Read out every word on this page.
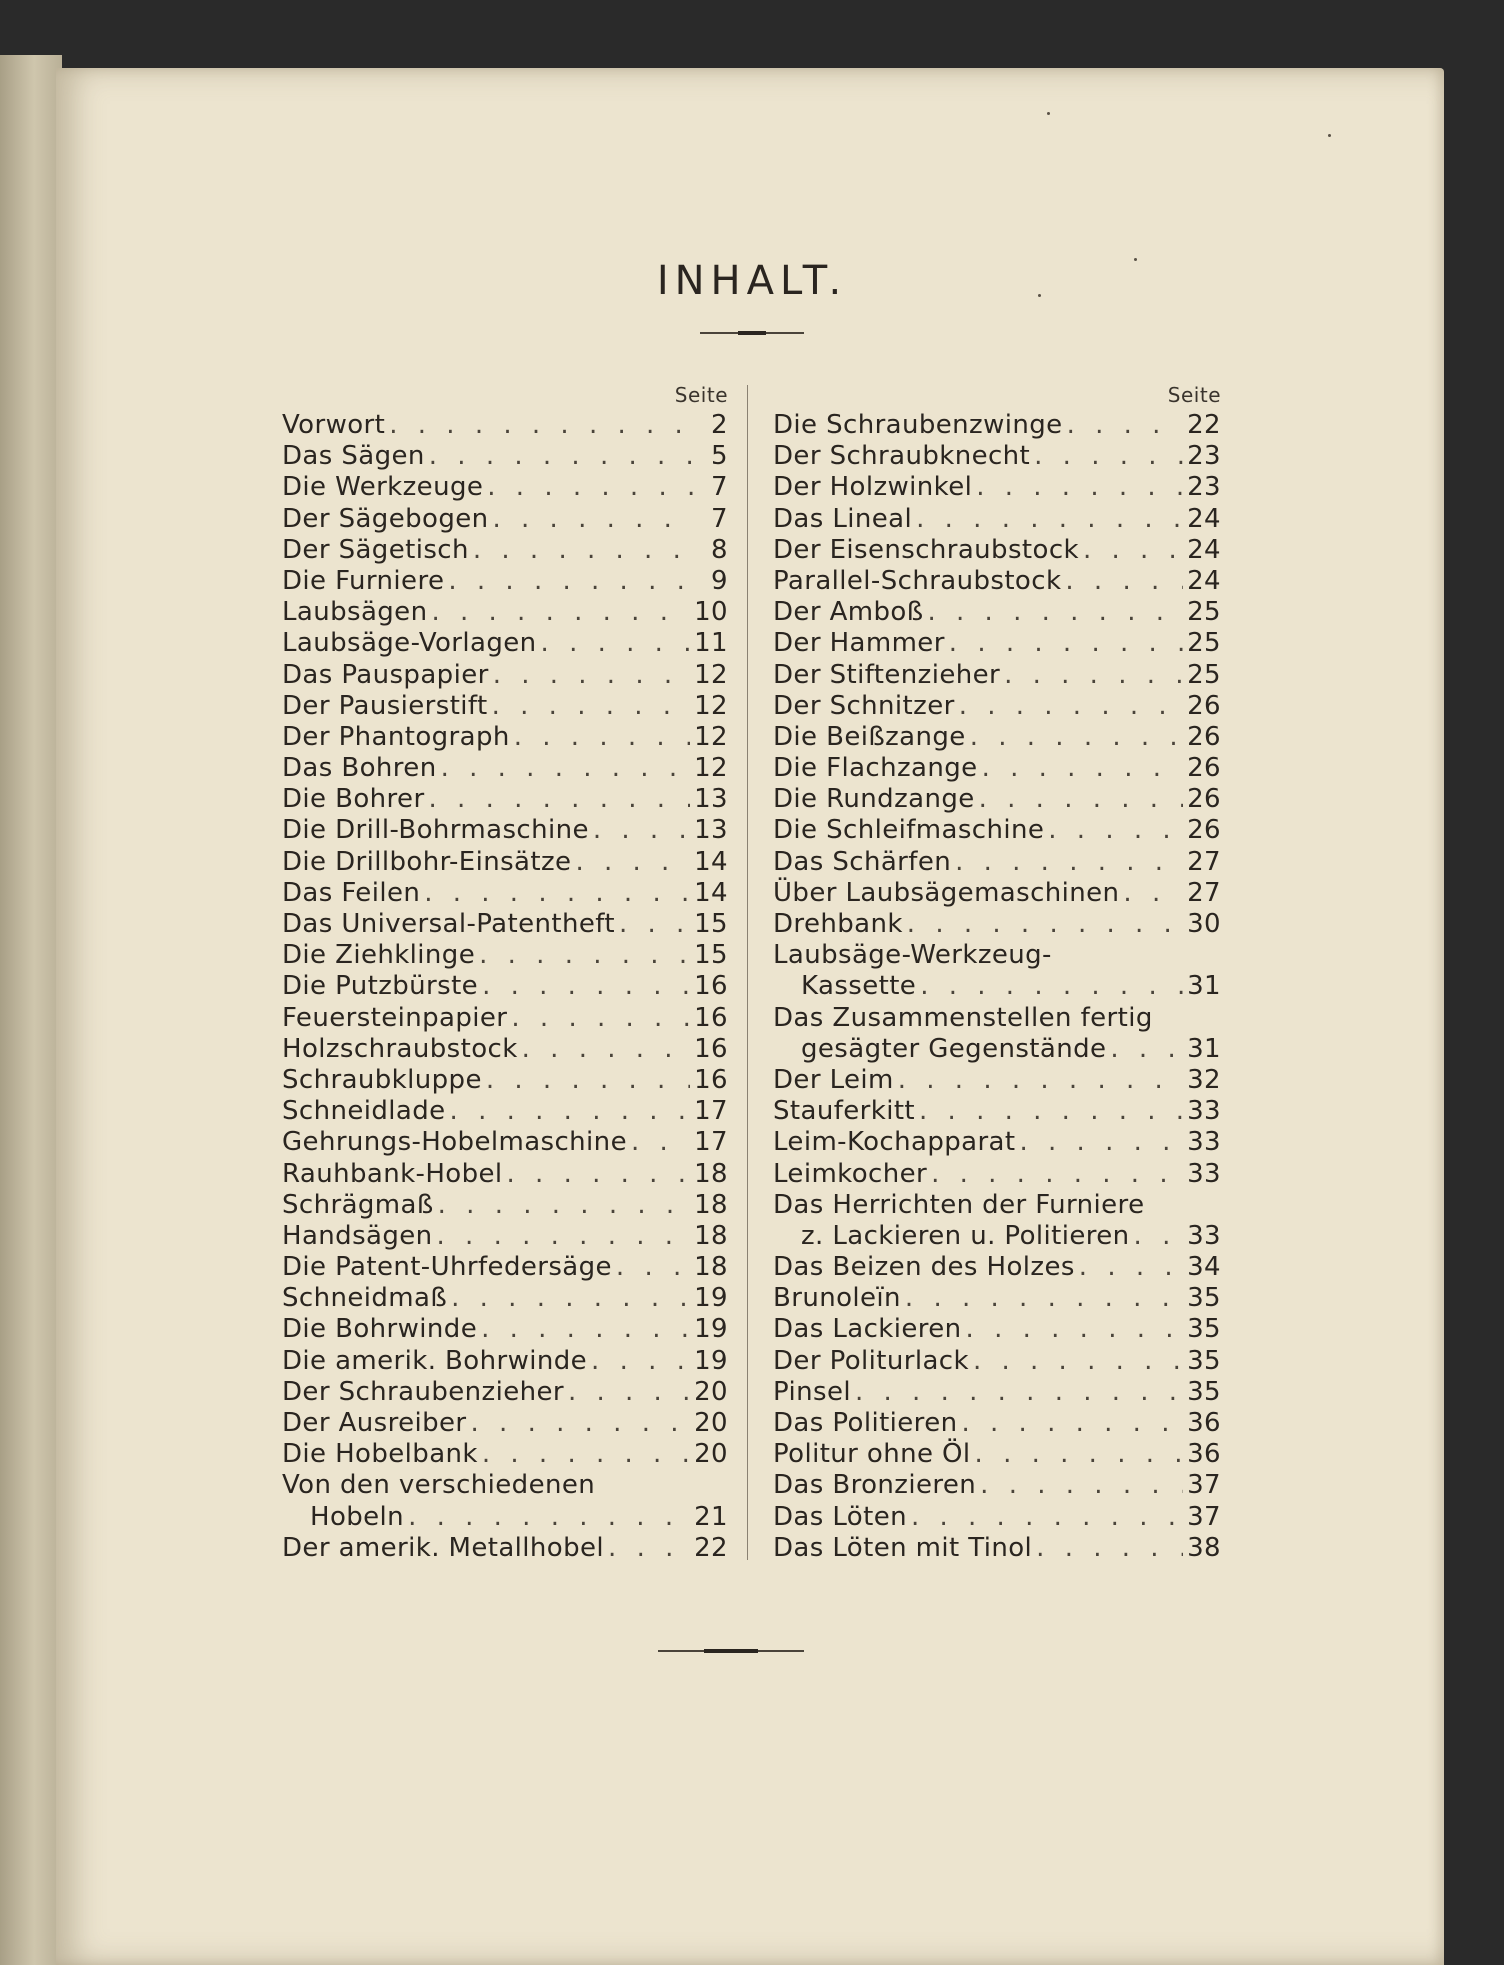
INHALT.
Seite
Vorwort . . .	2
Das Sägen . . .	5
Die Werkzeuge . . .	7
Der Sägebogen . . .	7
Der Sägetisch . . .	8
Die Furniere . . .	9
Laubsägen . . .	10
Laubsäge-Vorlagen . . .	11
Das Pauspapier . . .	12
Der Pausierstift . . .	12
Der Phantograph . . .	12
Das Bohren . . .	12
Die Bohrer . . .	13
Die Drill-Bohrmaschine . . .	13
Die Drillbohr-Einsätze . . .	14
Das Feilen . . .	14
Das Universal-Patentheft . . .	15
Die Ziehklinge . . .	15
Die Putzbürste . . .	16
Feuersteinpapier . . .	16
Holzschraubstock . . .	16
Schraubkluppe . . .	16
Schneidlade . . .	17
Gehrungs-Hobelmaschine . . .	17
Rauhbank-Hobel . . .	18
Schrägmaß . . .	18
Handsägen . . .	18
Die Patent-Uhrfedersäge . . .	18
Schneidmaß . . .	19
Die Bohrwinde . . .	19
Die amerik. Bohrwinde . . .	19
Der Schraubenzieher . . .	20
Der Ausreiber . . .	20
Die Hobelbank . . .	20
Von den verschiedenen
Hobeln . . .	21
Der amerik. Metallhobel . . .	22
Seite
Die Schraubenzwinge . . .	22
Der Schraubknecht . . .	23
Der Holzwinkel . . .	23
Das Lineal . . .	24
Der Eisenschraubstock . . .	24
Parallel-Schraubstock . . .	24
Der Amboß . . .	25
Der Hammer . . .	25
Der Stiftenzieher . . .	25
Der Schnitzer . . .	26
Die Beißzange . . .	26
Die Flachzange . . .	26
Die Rundzange . . .	26
Die Schleifmaschine . . .	26
Das Schärfen . . .	27
Über Laubsägemaschinen . . .	27
Drehbank . . .	30
Laubsäge-Werkzeug-
Kassette . . .	31
Das Zusammenstellen fertig
gesägter Gegenstände . . .	31
Der Leim . . .	32
Stauferkitt . . .	33
Leim-Kochapparat . . .	33
Leimkocher . . .	33
Das Herrichten der Furniere
z. Lackieren u. Politieren . . . 33
Das Beizen des Holzes . . .	34
Brunoleïn . . .	35
Das Lackieren . . .	35
Der Politurlack . . .	35
Pinsel . . .	35
Das Politieren . . .	36
Politur ohne Öl . . .	36
Das Bronzieren . . .	37
Das Löten . . .	37
Das Löten mit Tinol . . .	38
